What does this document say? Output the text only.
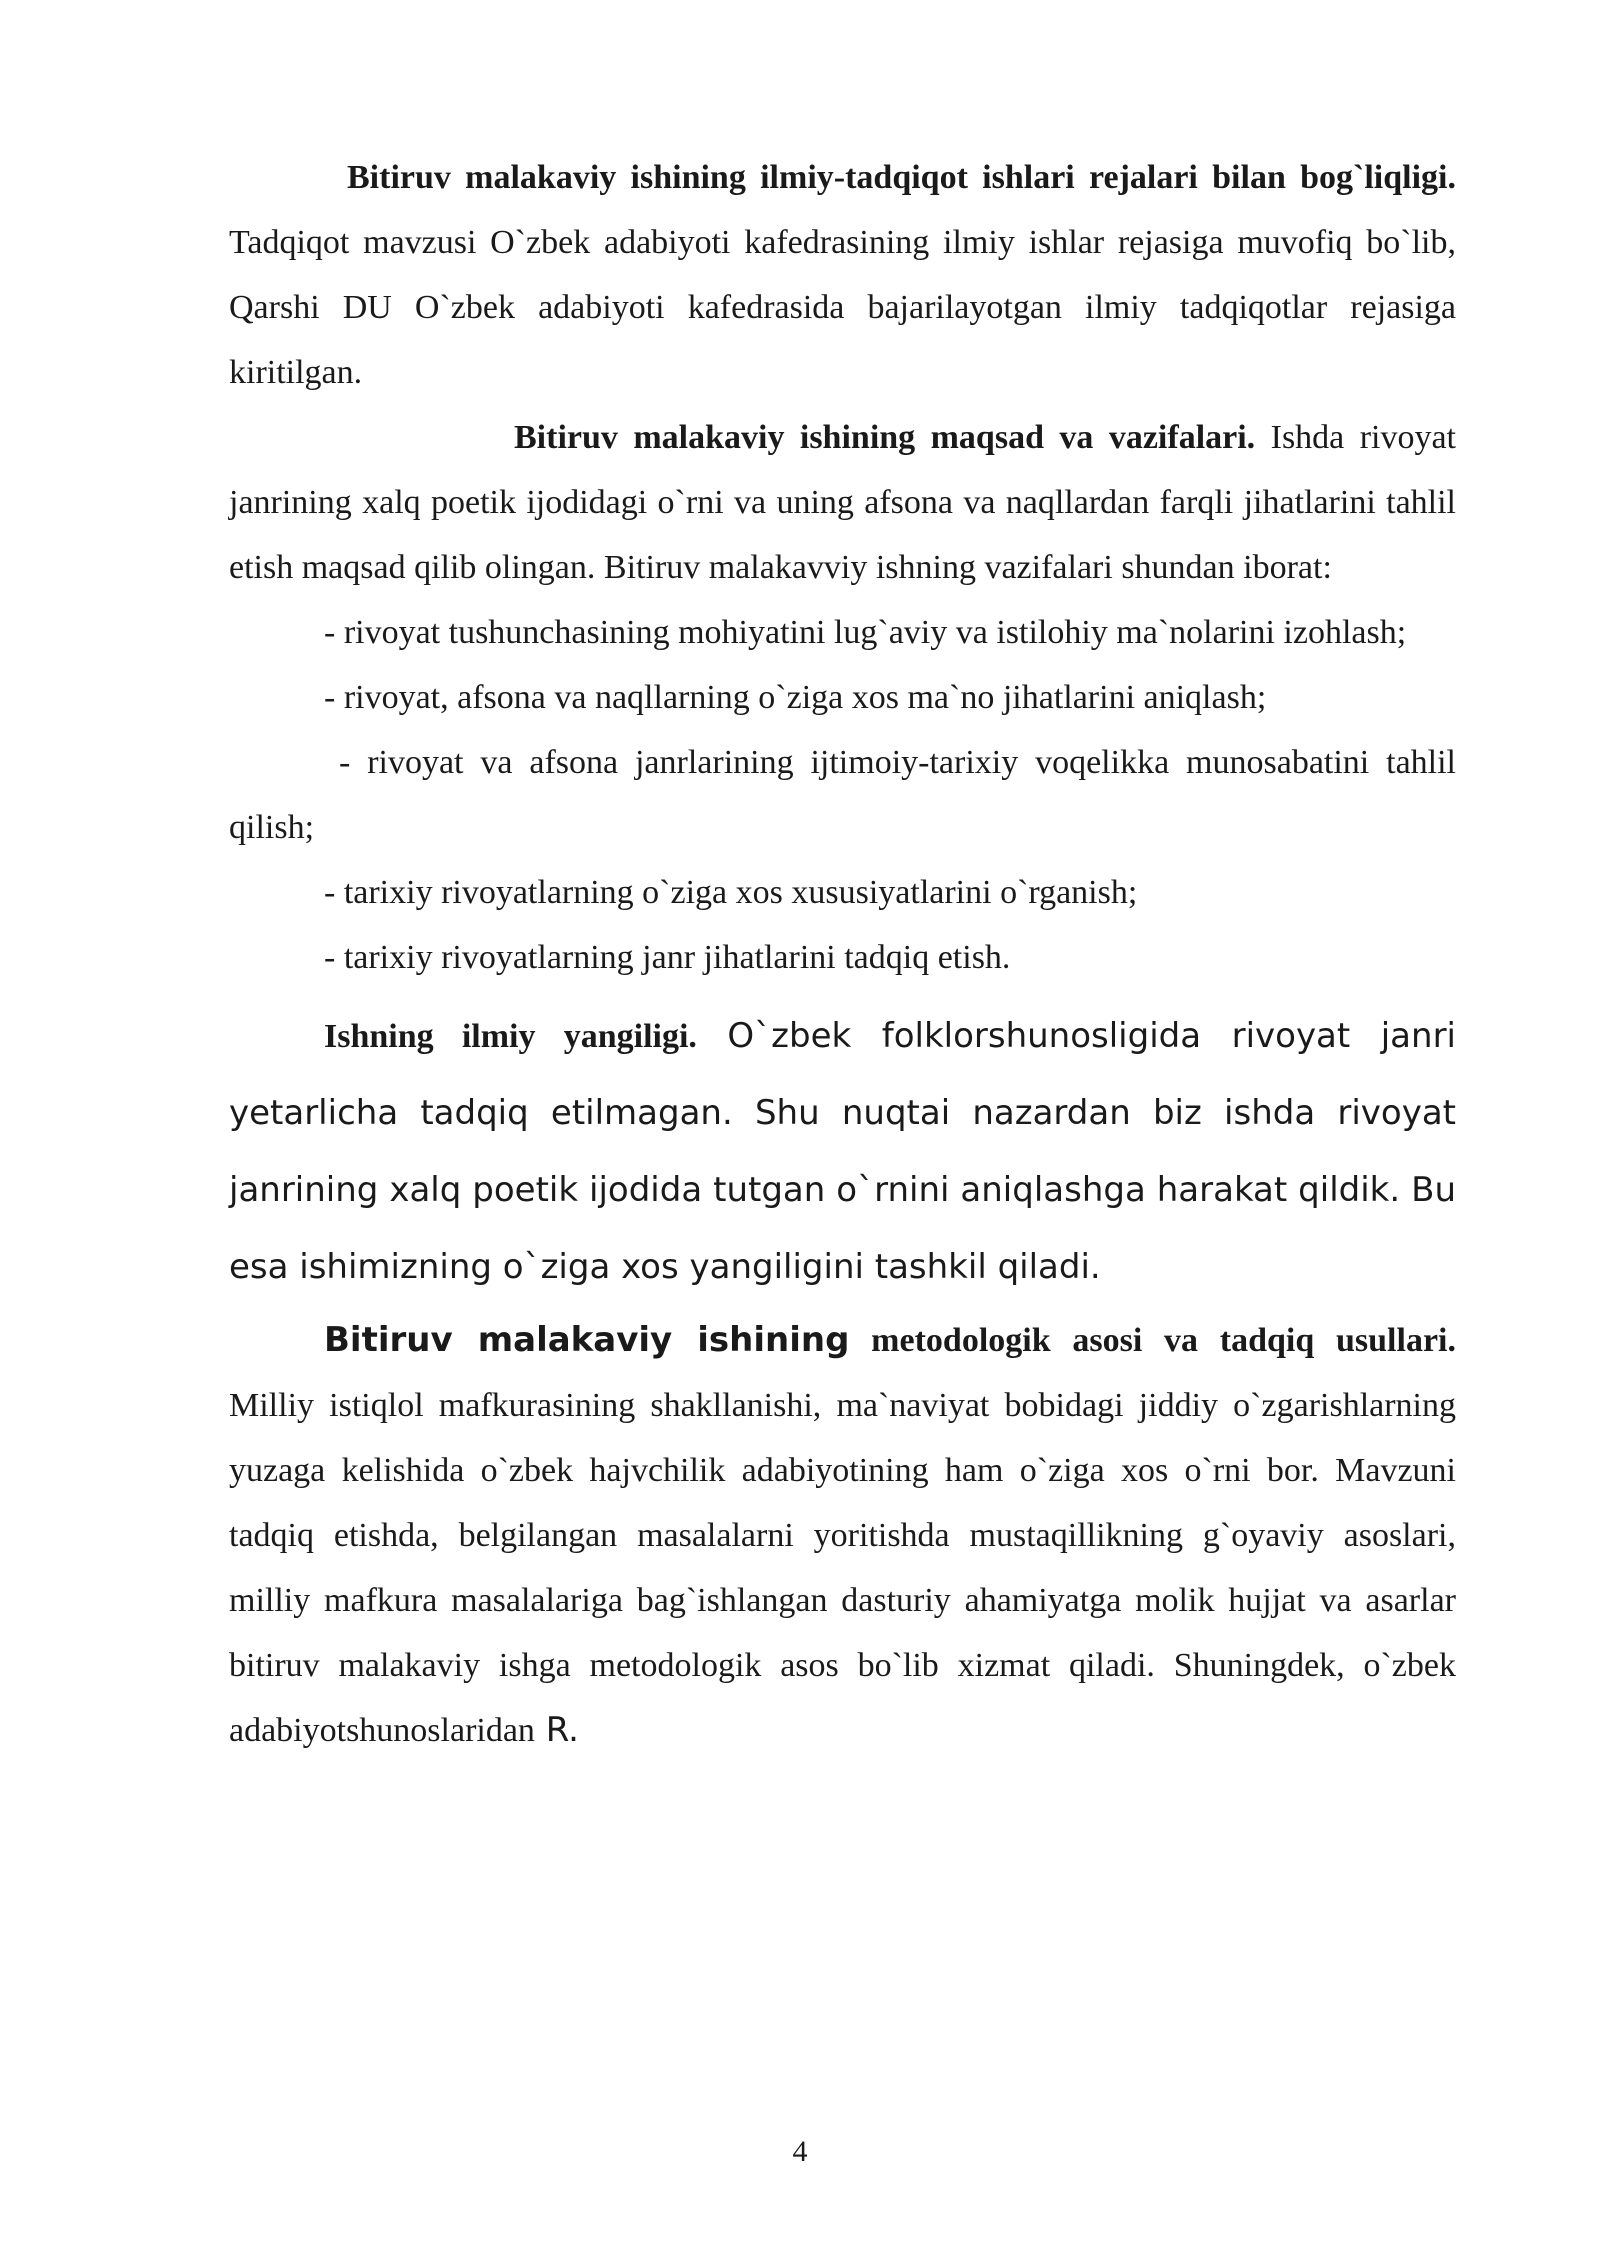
Bitiruv malakaviy ishining ilmiy-tadqiqot ishlari rejalari bilan bog`liqligi. Tadqiqot mavzusi O`zbek adabiyoti kafedrasining ilmiy ishlar rejasiga muvofiq bo`lib, Qarshi DU O`zbek adabiyoti kafedrasida bajarilayotgan ilmiy tadqiqotlar rejasiga kiritilgan.

Bitiruv malakaviy ishining maqsad va vazifalari. Ishda rivoyat janrining xalq poetik ijodidagi o`rni va uning afsona va naqllardan farqli jihatlarini tahlil etish maqsad qilib olingan. Bitiruv malakavviy ishning vazifalari shundan iborat:

- rivoyat tushunchasining mohiyatini lug`aviy va istilohiy ma`nolarini izohlash;

- rivoyat, afsona va naqllarning o`ziga xos ma`no jihatlarini aniqlash;

- rivoyat va afsona janrlarining ijtimoiy-tarixiy voqelikka munosabatini tahlil qilish;

- tarixiy rivoyatlarning o`ziga xos xususiyatlarini o`rganish;

- tarixiy rivoyatlarning janr jihatlarini tadqiq etish.

Ishning ilmiy yangiligi. O`zbek folklorshunosligida rivoyat janri yetarlicha tadqiq etilmagan. Shu nuqtai nazardan biz ishda rivoyat janrining xalq poetik ijodida tutgan o`rnini aniqlashga harakat qildik. Bu esa ishimizning o`ziga xos yangiligini tashkil qiladi.

Bitiruv malakaviy ishining metodologik asosi va tadqiq usullari. Milliy istiqlol mafkurasining shakllanishi, ma`naviyat bobidagi jiddiy o`zgarishlarning yuzaga kelishida o`zbek hajvchilik adabiyotining ham o`ziga xos o`rni bor. Mavzuni tadqiq etishda, belgilangan masalalarni yoritishda mustaqillikning g`oyaviy asoslari, milliy mafkura masalalariga bag`ishlangan dasturiy ahamiyatga molik hujjat va asarlar bitiruv malakaviy ishga metodologik asos bo`lib xizmat qiladi. Shuningdek, o`zbek adabiyotshunoslaridan R.

4
